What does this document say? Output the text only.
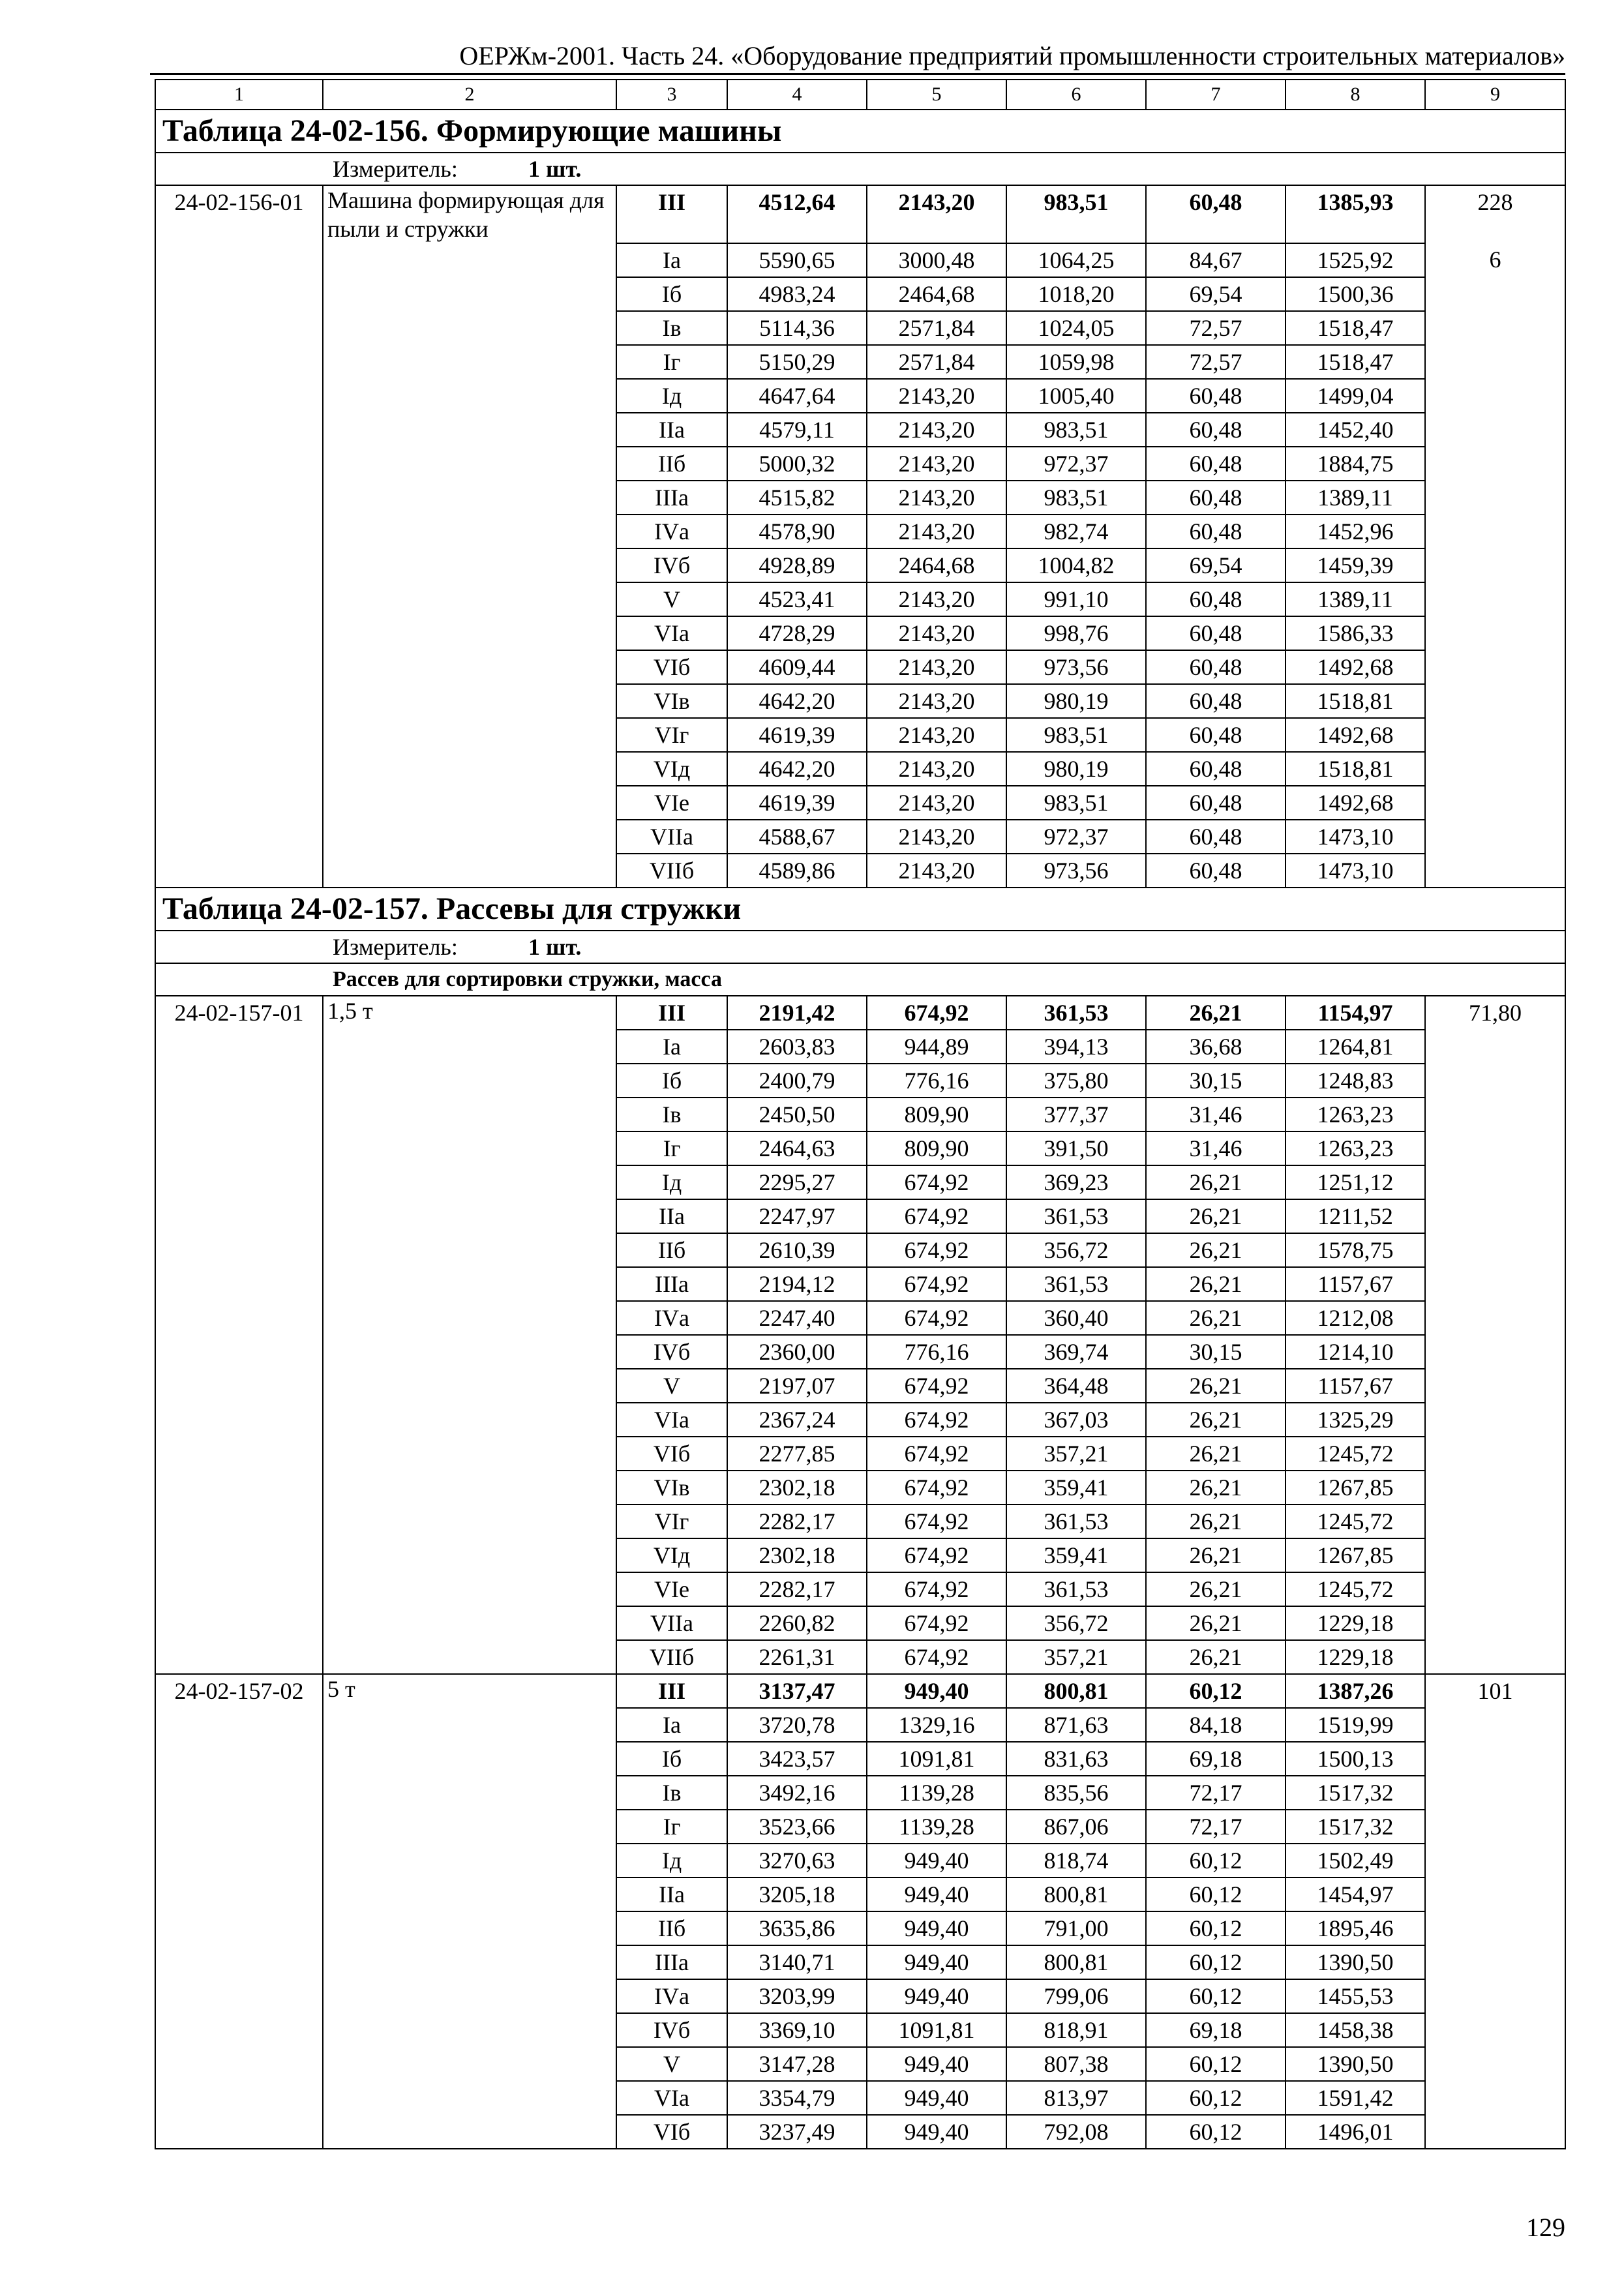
ОЕРЖм-2001. Часть 24. «Оборудование предприятий промышленности строительных материалов»
1	2	3	4	5	6	7	8	9
Таблица 24-02-156. Формирующие машины								
Измеритель: 1 шт.								
24-02-156-01	Машина формирующая для пыли и стружки	III	4512,64	2143,20	983,51	60,48	1385,93	228
		Iа	5590,65	3000,48	1064,25	84,67	1525,92	6
		Iб	4983,24	2464,68	1018,20	69,54	1500,36	
		Iв	5114,36	2571,84	1024,05	72,57	1518,47	
		Iг	5150,29	2571,84	1059,98	72,57	1518,47	
		Iд	4647,64	2143,20	1005,40	60,48	1499,04	
		IIа	4579,11	2143,20	983,51	60,48	1452,40	
		IIб	5000,32	2143,20	972,37	60,48	1884,75	
		IIIа	4515,82	2143,20	983,51	60,48	1389,11	
		IVа	4578,90	2143,20	982,74	60,48	1452,96	
		IVб	4928,89	2464,68	1004,82	69,54	1459,39	
		V	4523,41	2143,20	991,10	60,48	1389,11	
		VIа	4728,29	2143,20	998,76	60,48	1586,33	
		VIб	4609,44	2143,20	973,56	60,48	1492,68	
		VIв	4642,20	2143,20	980,19	60,48	1518,81	
		VIг	4619,39	2143,20	983,51	60,48	1492,68	
		VIд	4642,20	2143,20	980,19	60,48	1518,81	
		VIе	4619,39	2143,20	983,51	60,48	1492,68	
		VIIа	4588,67	2143,20	972,37	60,48	1473,10	
		VIIб	4589,86	2143,20	973,56	60,48	1473,10	
Таблица 24-02-157. Рассевы для стружки								
Измеритель: 1 шт.								
Рассев для сортировки стружки, масса								
24-02-157-01	1,5 т	III	2191,42	674,92	361,53	26,21	1154,97	71,80
		Iа	2603,83	944,89	394,13	36,68	1264,81	
		Iб	2400,79	776,16	375,80	30,15	1248,83	
		Iв	2450,50	809,90	377,37	31,46	1263,23	
		Iг	2464,63	809,90	391,50	31,46	1263,23	
		Iд	2295,27	674,92	369,23	26,21	1251,12	
		IIа	2247,97	674,92	361,53	26,21	1211,52	
		IIб	2610,39	674,92	356,72	26,21	1578,75	
		IIIа	2194,12	674,92	361,53	26,21	1157,67	
		IVа	2247,40	674,92	360,40	26,21	1212,08	
		IVб	2360,00	776,16	369,74	30,15	1214,10	
		V	2197,07	674,92	364,48	26,21	1157,67	
		VIа	2367,24	674,92	367,03	26,21	1325,29	
		VIб	2277,85	674,92	357,21	26,21	1245,72	
		VIв	2302,18	674,92	359,41	26,21	1267,85	
		VIг	2282,17	674,92	361,53	26,21	1245,72	
		VIд	2302,18	674,92	359,41	26,21	1267,85	
		VIе	2282,17	674,92	361,53	26,21	1245,72	
		VIIа	2260,82	674,92	356,72	26,21	1229,18	
		VIIб	2261,31	674,92	357,21	26,21	1229,18	
24-02-157-02	5 т	III	3137,47	949,40	800,81	60,12	1387,26	101
		Iа	3720,78	1329,16	871,63	84,18	1519,99	
		Iб	3423,57	1091,81	831,63	69,18	1500,13	
		Iв	3492,16	1139,28	835,56	72,17	1517,32	
		Iг	3523,66	1139,28	867,06	72,17	1517,32	
		Iд	3270,63	949,40	818,74	60,12	1502,49	
		IIа	3205,18	949,40	800,81	60,12	1454,97	
		IIб	3635,86	949,40	791,00	60,12	1895,46	
		IIIа	3140,71	949,40	800,81	60,12	1390,50	
		IVа	3203,99	949,40	799,06	60,12	1455,53	
		IVб	3369,10	1091,81	818,91	69,18	1458,38	
		V	3147,28	949,40	807,38	60,12	1390,50	
		VIа	3354,79	949,40	813,97	60,12	1591,42	
		VIб	3237,49	949,40	792,08	60,12	1496,01	
129
